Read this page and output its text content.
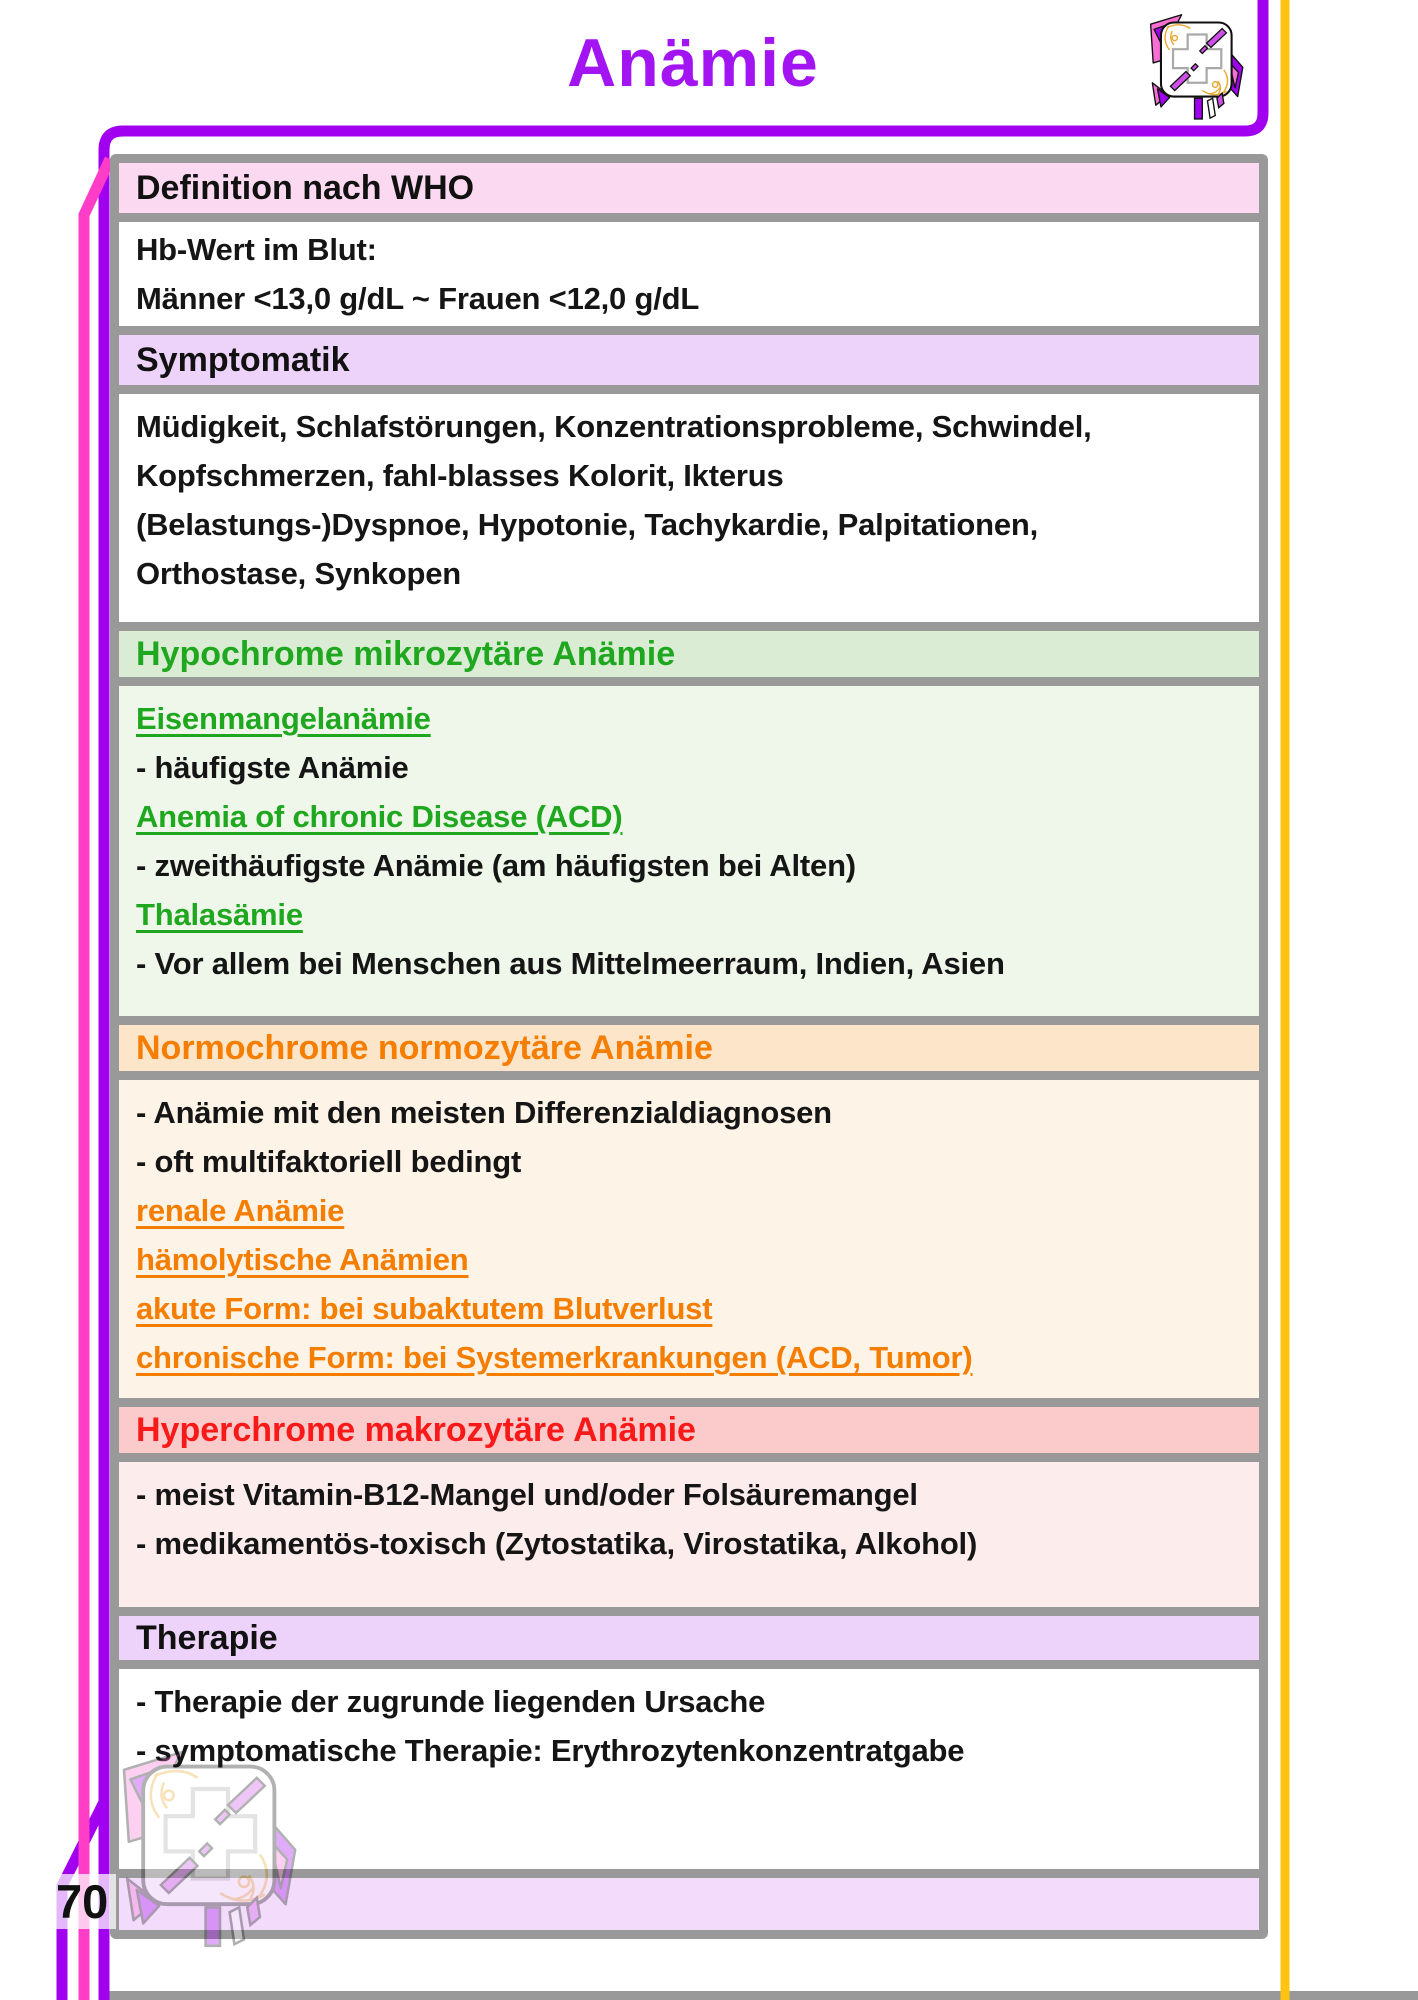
Anämie
Definition nach WHO
Hb-Wert im Blut:
Männer <13,0 g/dL ~ Frauen <12,0 g/dL
Symptomatik
Müdigkeit, Schlafstörungen, Konzentrationsprobleme, Schwindel,
Kopfschmerzen, fahl-blasses Kolorit, Ikterus
(Belastungs-)Dyspnoe, Hypotonie, Tachykardie, Palpitationen,
Orthostase, Synkopen
Hypochrome mikrozytäre Anämie
Eisenmangelanämie
- häufigste Anämie
Anemia of chronic Disease (ACD)
- zweithäufigste Anämie (am häufigsten bei Alten)
Thalasämie
- Vor allem bei Menschen aus Mittelmeerraum, Indien, Asien
Normochrome normozytäre Anämie
- Anämie mit den meisten Differenzialdiagnosen
- oft multifaktoriell bedingt
renale Anämie
hämolytische Anämien
akute Form: bei subaktutem Blutverlust
chronische Form: bei Systemerkrankungen (ACD, Tumor)
Hyperchrome makrozytäre Anämie
- meist Vitamin-B12-Mangel und/oder Folsäuremangel
- medikamentös-toxisch (Zytostatika, Virostatika, Alkohol)
Therapie
- Therapie der zugrunde liegenden Ursache
- symptomatische Therapie: Erythrozytenkonzentratgabe
70
